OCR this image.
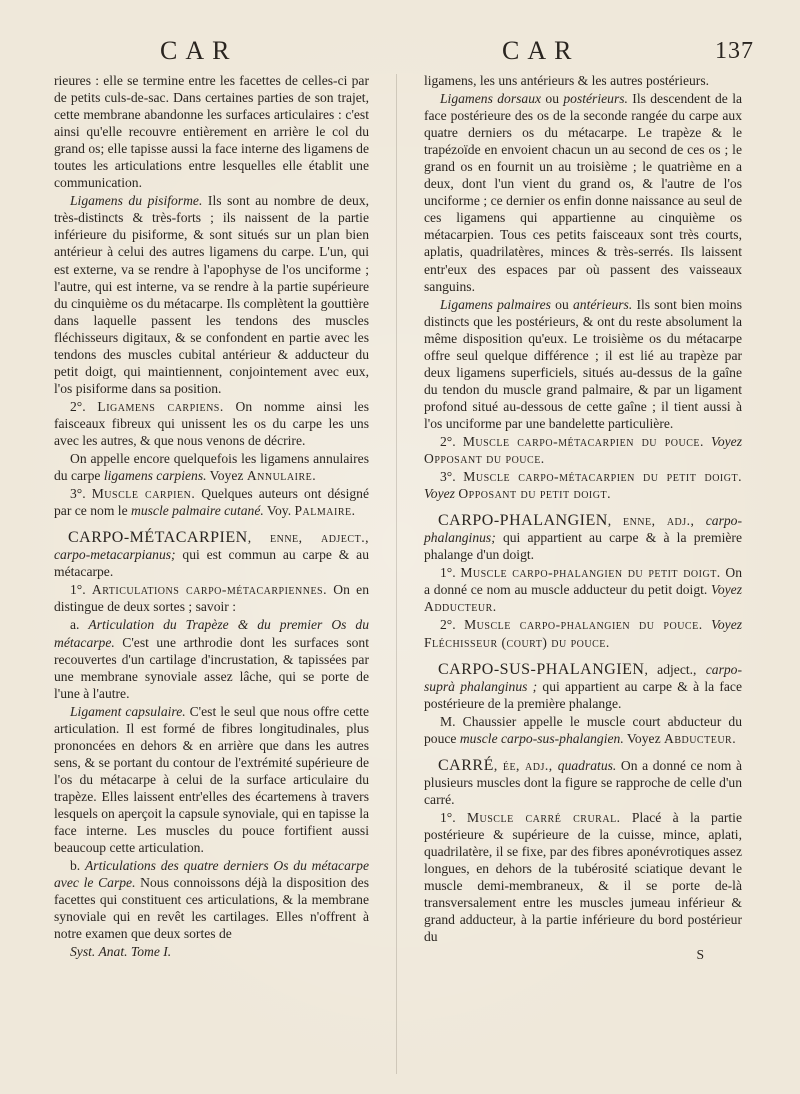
CAR	CAR	137

rieures : elle se termine entre les facettes de celles-ci par de petits culs-de-sac. Dans certaines parties de son trajet, cette membrane abandonne les surfaces articulaires : c'est ainsi qu'elle recouvre entièrement en arrière le col du grand os; elle tapisse aussi la face interne des ligamens de toutes les articulations entre lesquelles elle établit une communication.

Ligamens du pisiforme. Ils sont au nombre de deux, très-distincts & très-forts ; ils naissent de la partie inférieure du pisiforme, & sont situés sur un plan bien antérieur à celui des autres ligamens du carpe. L'un, qui est externe, va se rendre à l'apophyse de l'os unciforme ; l'autre, qui est interne, va se rendre à la partie supérieure du cinquième os du métacarpe. Ils complètent la gouttière dans laquelle passent les tendons des muscles fléchisseurs digitaux, & se confondent en partie avec les tendons des muscles cubital antérieur & adducteur du petit doigt, qui maintiennent, conjointement avec eux, l'os pisiforme dans sa position.

2°. Ligamens carpiens. On nomme ainsi les faisceaux fibreux qui unissent les os du carpe les uns avec les autres, & que nous venons de décrire.

On appelle encore quelquefois les ligamens annulaires du carpe ligamens carpiens. Voyez Annulaire.

3°. Muscle carpien. Quelques auteurs ont désigné par ce nom le muscle palmaire cutané. Voy. Palmaire.

CARPO-MÉTACARPIEN, enne, adject., carpo-metacarpianus; qui est commun au carpe & au métacarpe.

1°. Articulations carpo-métacarpiennes. On en distingue de deux sortes ; savoir :

a. Articulation du Trapèze & du premier Os du métacarpe. C'est une arthrodie dont les surfaces sont recouvertes d'un cartilage d'incrustation, & tapissées par une membrane synoviale assez lâche, qui se porte de l'une à l'autre.

Ligament capsulaire. C'est le seul que nous offre cette articulation. Il est formé de fibres longitudinales, plus prononcées en dehors & en arrière que dans les autres sens, & se portant du contour de l'extrémité supérieure de l'os du métacarpe à celui de la surface articulaire du trapèze. Elles laissent entr'elles des écartemens à travers lesquels on aperçoit la capsule synoviale, qui en tapisse la face interne. Les muscles du pouce fortifient aussi beaucoup cette articulation.

b. Articulations des quatre derniers Os du métacarpe avec le Carpe. Nous connoissons déjà la disposition des facettes qui constituent ces articulations, & la membrane synoviale qui en revêt les cartilages. Elles n'offrent à notre examen que deux sortes de

Syst. Anat. Tome I.

ligamens, les uns antérieurs & les autres postérieurs.

Ligamens dorsaux ou postérieurs. Ils descendent de la face postérieure des os de la seconde rangée du carpe aux quatre derniers os du métacarpe. Le trapèze & le trapézoïde en envoient chacun un au second de ces os ; le grand os en fournit un au troisième ; le quatrième en a deux, dont l'un vient du grand os, & l'autre de l'os unciforme ; ce dernier os enfin donne naissance au seul de ces ligamens qui appartienne au cinquième os métacarpien. Tous ces petits faisceaux sont très courts, aplatis, quadrilatères, minces & très-serrés. Ils laissent entr'eux des espaces par où passent des vaisseaux sanguins.

Ligamens palmaires ou antérieurs. Ils sont bien moins distincts que les postérieurs, & ont du reste absolument la même disposition qu'eux. Le troisième os du métacarpe offre seul quelque différence ; il est lié au trapèze par deux ligamens superficiels, situés au-dessus de la gaîne du tendon du muscle grand palmaire, & par un ligament profond situé au-dessous de cette gaîne ; il tient aussi à l'os unciforme par une bandelette particulière.

2°. Muscle carpo-métacarpien du pouce. Voyez Opposant du pouce.

3°. Muscle carpo-métacarpien du petit doigt. Voyez Opposant du petit doigt.

CARPO-PHALANGIEN, enne, adj., carpo-phalanginus; qui appartient au carpe & à la première phalange d'un doigt.

1°. Muscle carpo-phalangien du petit doigt. On a donné ce nom au muscle adducteur du petit doigt. Voyez Adducteur.

2°. Muscle carpo-phalangien du pouce. Voyez Fléchisseur (court) du pouce.

CARPO-SUS-PHALANGIEN, adject., carpo-suprà phalanginus ; qui appartient au carpe & à la face postérieure de la première phalange.

M. Chaussier appelle le muscle court abducteur du pouce muscle carpo-sus-phalangien. Voyez Abducteur.

CARRÉ, ée, adj., quadratus. On a donné ce nom à plusieurs muscles dont la figure se rapproche de celle d'un carré.

1°. Muscle carré crural. Placé à la partie postérieure & supérieure de la cuisse, mince, aplati, quadrilatère, il se fixe, par des fibres aponévrotiques assez longues, en dehors de la tubérosité sciatique devant le muscle demi-membraneux, & il se porte de-là transversalement entre les muscles jumeau inférieur & grand adducteur, à la partie inférieure du bord postérieur du

S
